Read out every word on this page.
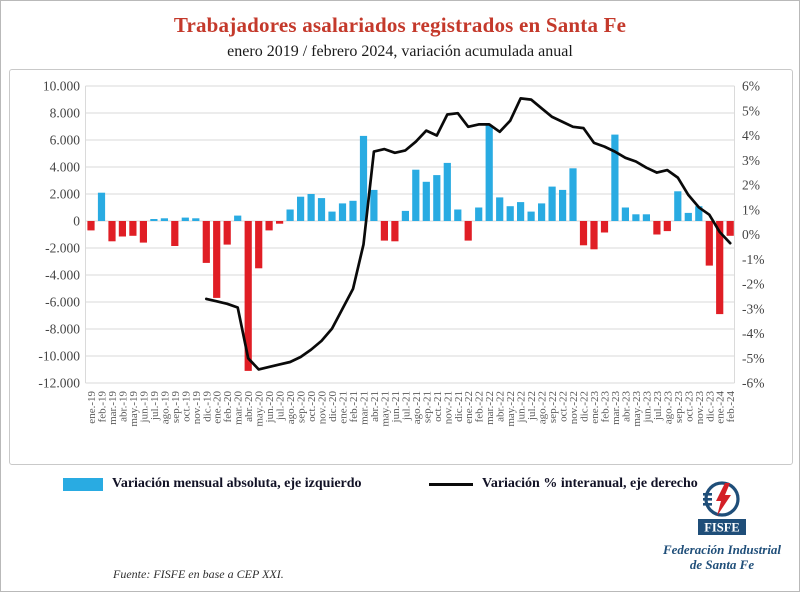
Trabajadores asalariados registrados en Santa Fe
enero 2019 / febrero 2024, variación acumulada anual
10.000
8.000
6.000
4.000
2.000
0
-2.000
-4.000
-6.000
-8.000
-10.000
-12.000
6%
5%
4%
3%
2%
1%
0%
-1%
-2%
-3%
-4%
-5%
-6%
ene.-19
feb.-19
mar.-19
abr.-19
may.-19
jun.-19
jul.-19
ago.-19
sep.-19
oct.-19
nov.-19
dic.-19
ene.-20
feb.-20
mar.-20
abr.-20
may.-20
jun.-20
jul.-20
ago.-20
sep.-20
oct.-20
nov.-20
dic.-20
ene.-21
feb.-21
mar.-21
abr.-21
may.-21
jun.-21
jul.-21
ago.-21
sep.-21
oct.-21
nov.-21
dic.-21
ene.-22
feb.-22
mar.-22
abr.-22
may.-22
jun.-22
jul.-22
ago.-22
sep.-22
oct.-22
nov.-22
dic.-22
ene.-23
feb.-23
mar.-23
abr.-23
may.-23
jun.-23
jul.-23
ago.-23
sep.-23
oct.-23
nov.-23
dic.-23
ene.-24
feb.-24
Variación mensual absoluta, eje izquierdo	Variación % interanual, eje derecho
Fuente: FISFE en base a CEP XXI.
FISFE
Federación Industrial
de Santa Fe
